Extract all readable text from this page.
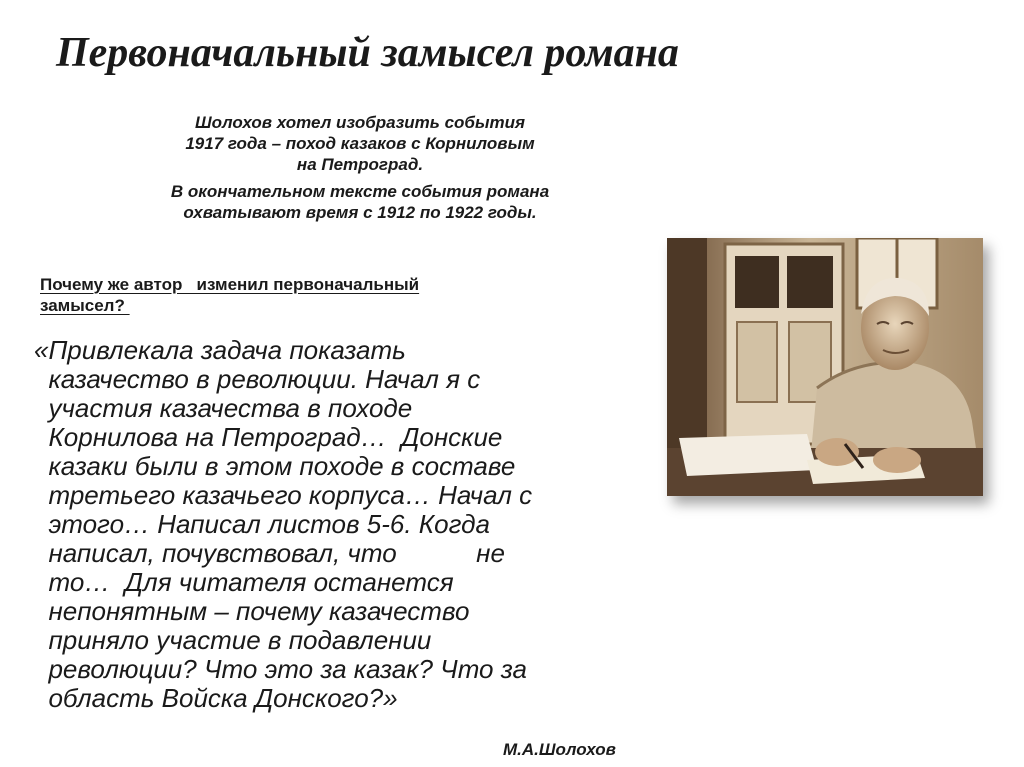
Первоначальный замысел романа

Шолохов хотел изобразить события
1917 года – поход казаков с Корниловым
на Петроград.

В окончательном тексте события романа
охватывают время с 1912 по 1922 годы.

Почему же автор   изменил первоначальный
замысел?

«Привлекала задача показать
казачество в революции. Начал я с
участия казачества в походе
Корнилова на Петроград…  Донские
казаки были в этом походе в составе
третьего казачьего корпуса… Начал с
этого… Написал листов 5-6. Когда
написал, почувствовал, что           не
то…  Для читателя останется
непонятным – почему казачество
приняло участие в подавлении
революции? Что это за казак? Что за
область Войска Донского?»

М.А.Шолохов
